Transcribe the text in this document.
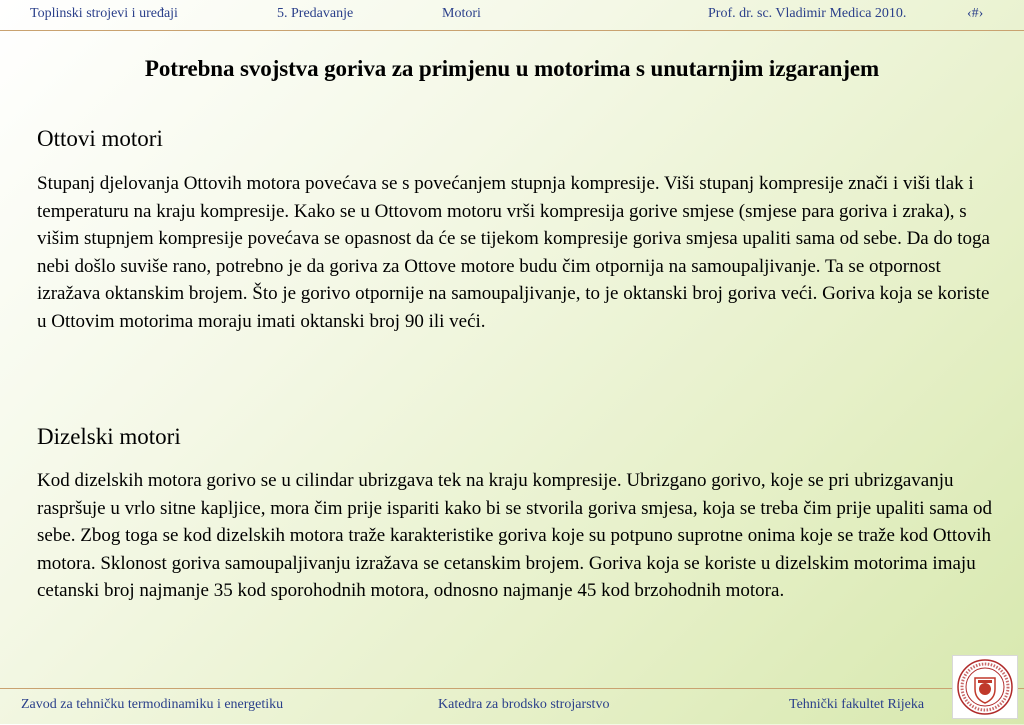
Toplinski strojevi i uređaji	5. Predavanje	Motori	Prof. dr. sc. Vladimir Medica 2010.	‹#›
Potrebna svojstva goriva za primjenu u motorima s unutarnjim izgaranjem
Ottovi motori
Stupanj djelovanja Ottovih motora povećava se s povećanjem stupnja kompresije. Viši stupanj kompresije znači i viši tlak i temperaturu na kraju kompresije. Kako se u Ottovom motoru vrši kompresija gorive smjese (smjese para goriva i zraka), s višim stupnjem kompresije povećava se opasnost da će se tijekom kompresije goriva smjesa upaliti sama od sebe. Da do toga nebi došlo suviše rano, potrebno je da goriva za Ottove motore budu čim otpornija na samoupaljivanje. Ta se otpornost izražava oktanskim brojem. Što je gorivo otpornije na samoupaljivanje, to je oktanski broj goriva veći. Goriva koja se koriste u Ottovim motorima moraju imati oktanski broj 90 ili veći.
Dizelski motori
Kod dizelskih motora gorivo se u cilindar ubrizgava tek na kraju kompresije. Ubrizgano gorivo, koje se pri ubrizgavanju raspršuje u vrlo sitne kapljice, mora čim prije ispariti kako bi se stvorila goriva smjesa, koja se treba čim prije upaliti sama od sebe. Zbog toga se kod dizelskih motora traže karakteristike goriva koje su potpuno suprotne onima koje se traže kod Ottovih motora. Sklonost goriva samoupaljivanju izražava se cetanskim brojem. Goriva koja se koriste u dizelskim motorima imaju cetanski broj najmanje 35 kod sporohodnih motora, odnosno najmanje 45 kod brzohodnih motora.
Zavod za tehničku termodinamiku i energetiku	Katedra za brodsko strojarstvo	Tehnički fakultet Rijeka
